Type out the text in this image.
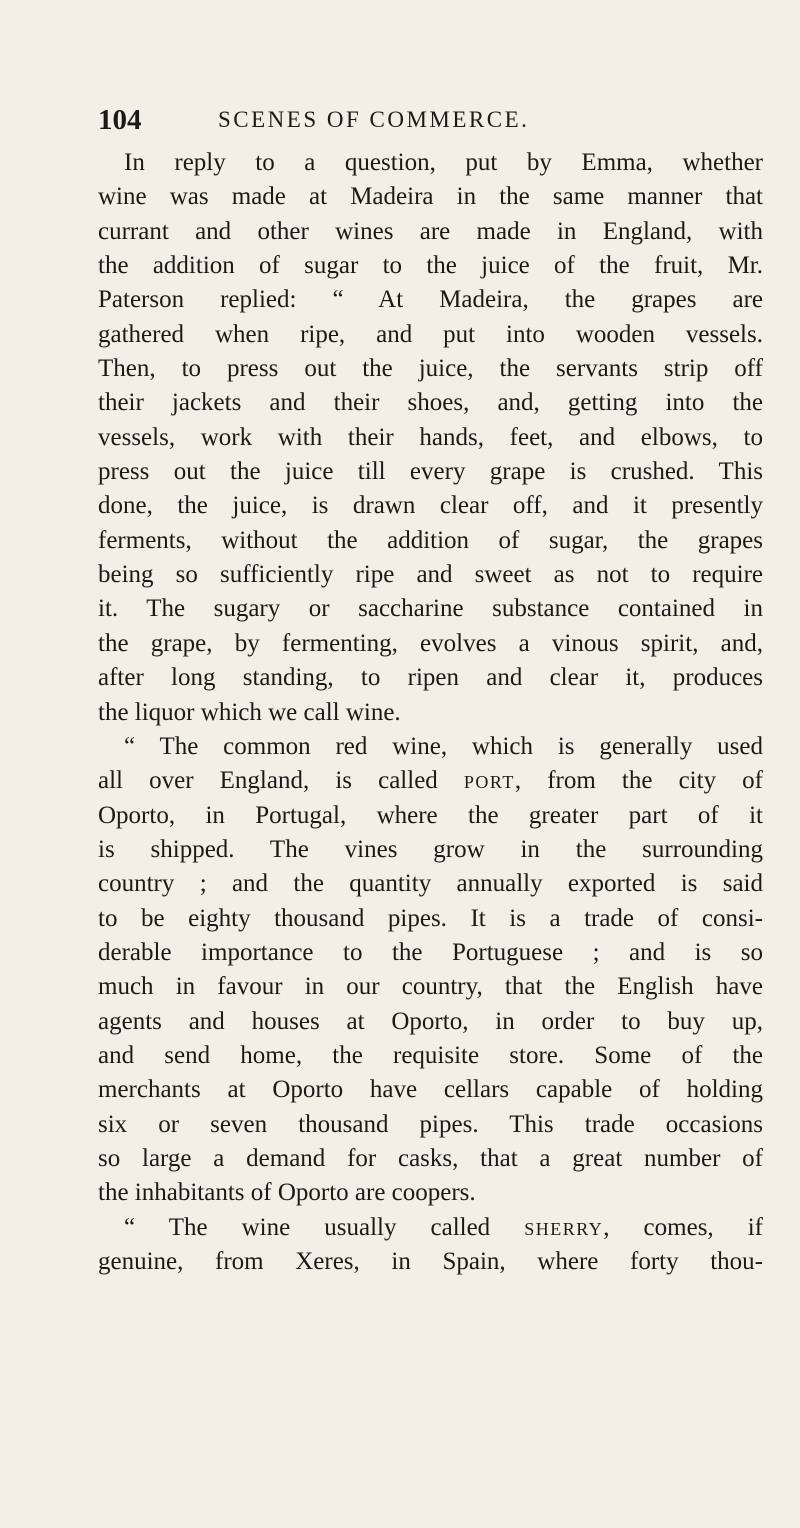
104	SCENES OF COMMERCE.
In reply to a question, put by Emma, whether
wine was made at Madeira in the same manner that
currant and other wines are made in England, with
the addition of sugar to the juice of the fruit, Mr.
Paterson replied: “ At Madeira, the grapes are
gathered when ripe, and put into wooden vessels.
Then, to press out the juice, the servants strip off
their jackets and their shoes, and, getting into the
vessels, work with their hands, feet, and elbows, to
press out the juice till every grape is crushed. This
done, the juice, is drawn clear off, and it presently
ferments, without the addition of sugar, the grapes
being so sufficiently ripe and sweet as not to require
it. The sugary or saccharine substance contained in
the grape, by fermenting, evolves a vinous spirit, and,
after long standing, to ripen and clear it, produces
the liquor which we call wine.
“ The common red wine, which is generally used
all over England, is called PORT, from the city of
Oporto, in Portugal, where the greater part of it
is shipped. The vines grow in the surrounding
country ; and the quantity annually exported is said
to be eighty thousand pipes. It is a trade of consi-
derable importance to the Portuguese ; and is so
much in favour in our country, that the English have
agents and houses at Oporto, in order to buy up,
and send home, the requisite store. Some of the
merchants at Oporto have cellars capable of holding
six or seven thousand pipes. This trade occasions
so large a demand for casks, that a great number of
the inhabitants of Oporto are coopers.
“ The wine usually called SHERRY, comes, if
genuine, from Xeres, in Spain, where forty thou-
